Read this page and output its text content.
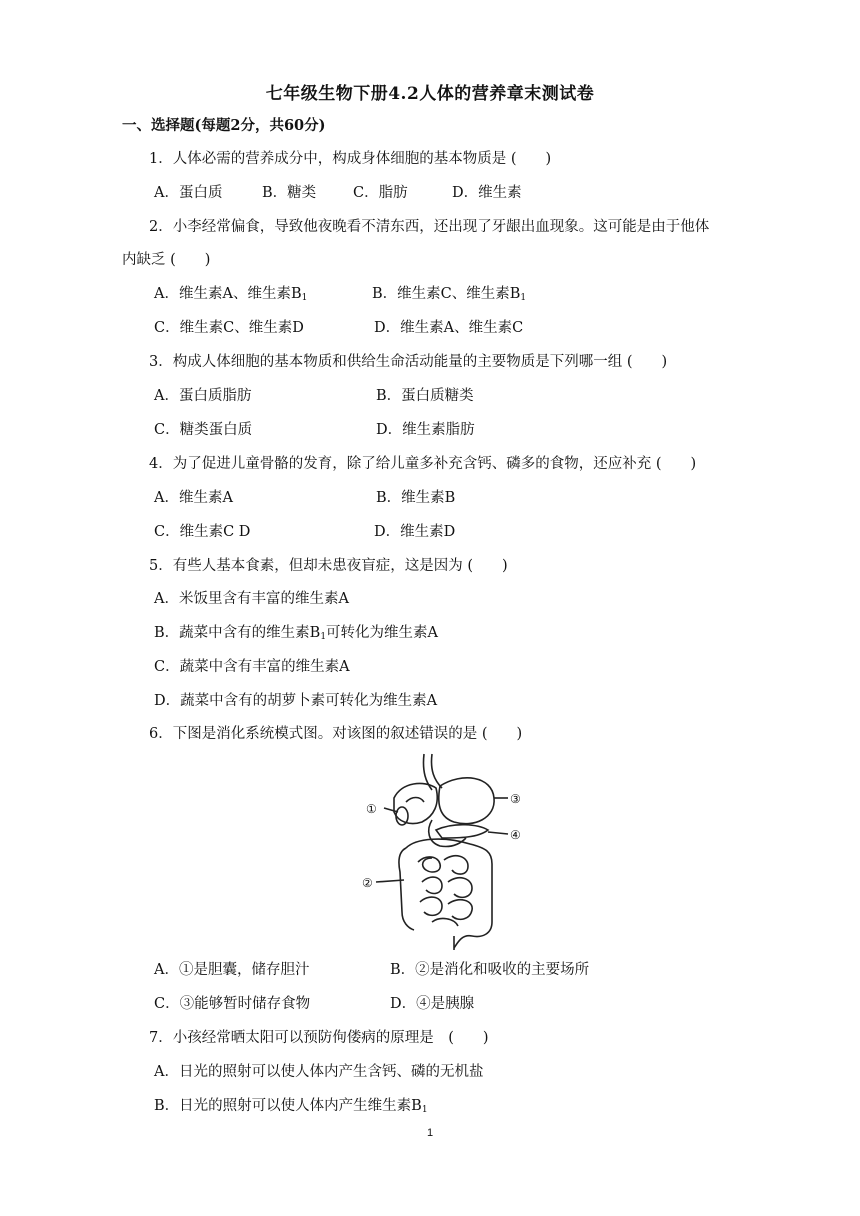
七年级生物下册4.2人体的营养章末测试卷
一、选择题(每题2分，共60分)
1．人体必需的营养成分中，构成身体细胞的基本物质是 (　　)
A．蛋白质	B．糖类	C．脂肪	D．维生素
2．小李经常偏食，导致他夜晚看不清东西，还出现了牙龈出血现象。这可能是由于他体
内缺乏 (　　)
A．维生素A、维生素$B_1$	B．维生素C、维生素$B_1$
C．维生素C、维生素D	D．维生素A、维生素C
3．构成人体细胞的基本物质和供给生命活动能量的主要物质是下列哪一组 (　　)
A．蛋白质脂肪	B．蛋白质糖类
C．糖类蛋白质	D．维生素脂肪
4．为了促进儿童骨骼的发育，除了给儿童多补充含钙、磷多的食物，还应补充 (　　)
A．维生素A	B．维生素B
C．维生素C D	D．维生素D
5．有些人基本食素，但却未患夜盲症，这是因为 (　　)
A．米饭里含有丰富的维生素A
B．蔬菜中含有的维生素$B_1$可转化为维生素A
C．蔬菜中含有丰富的维生素A
D．蔬菜中含有的胡萝卜素可转化为维生素A
6．下图是消化系统模式图。对该图的叙述错误的是 (　　)
①
②
③
④
A．①是胆囊，储存胆汁	B．②是消化和吸收的主要场所
C．③能够暂时储存食物	D．④是胰腺
7．小孩经常晒太阳可以预防佝偻病的原理是　(　　)
A．日光的照射可以使人体内产生含钙、磷的无机盐
B．日光的照射可以使人体内产生维生素$B_1$
1
